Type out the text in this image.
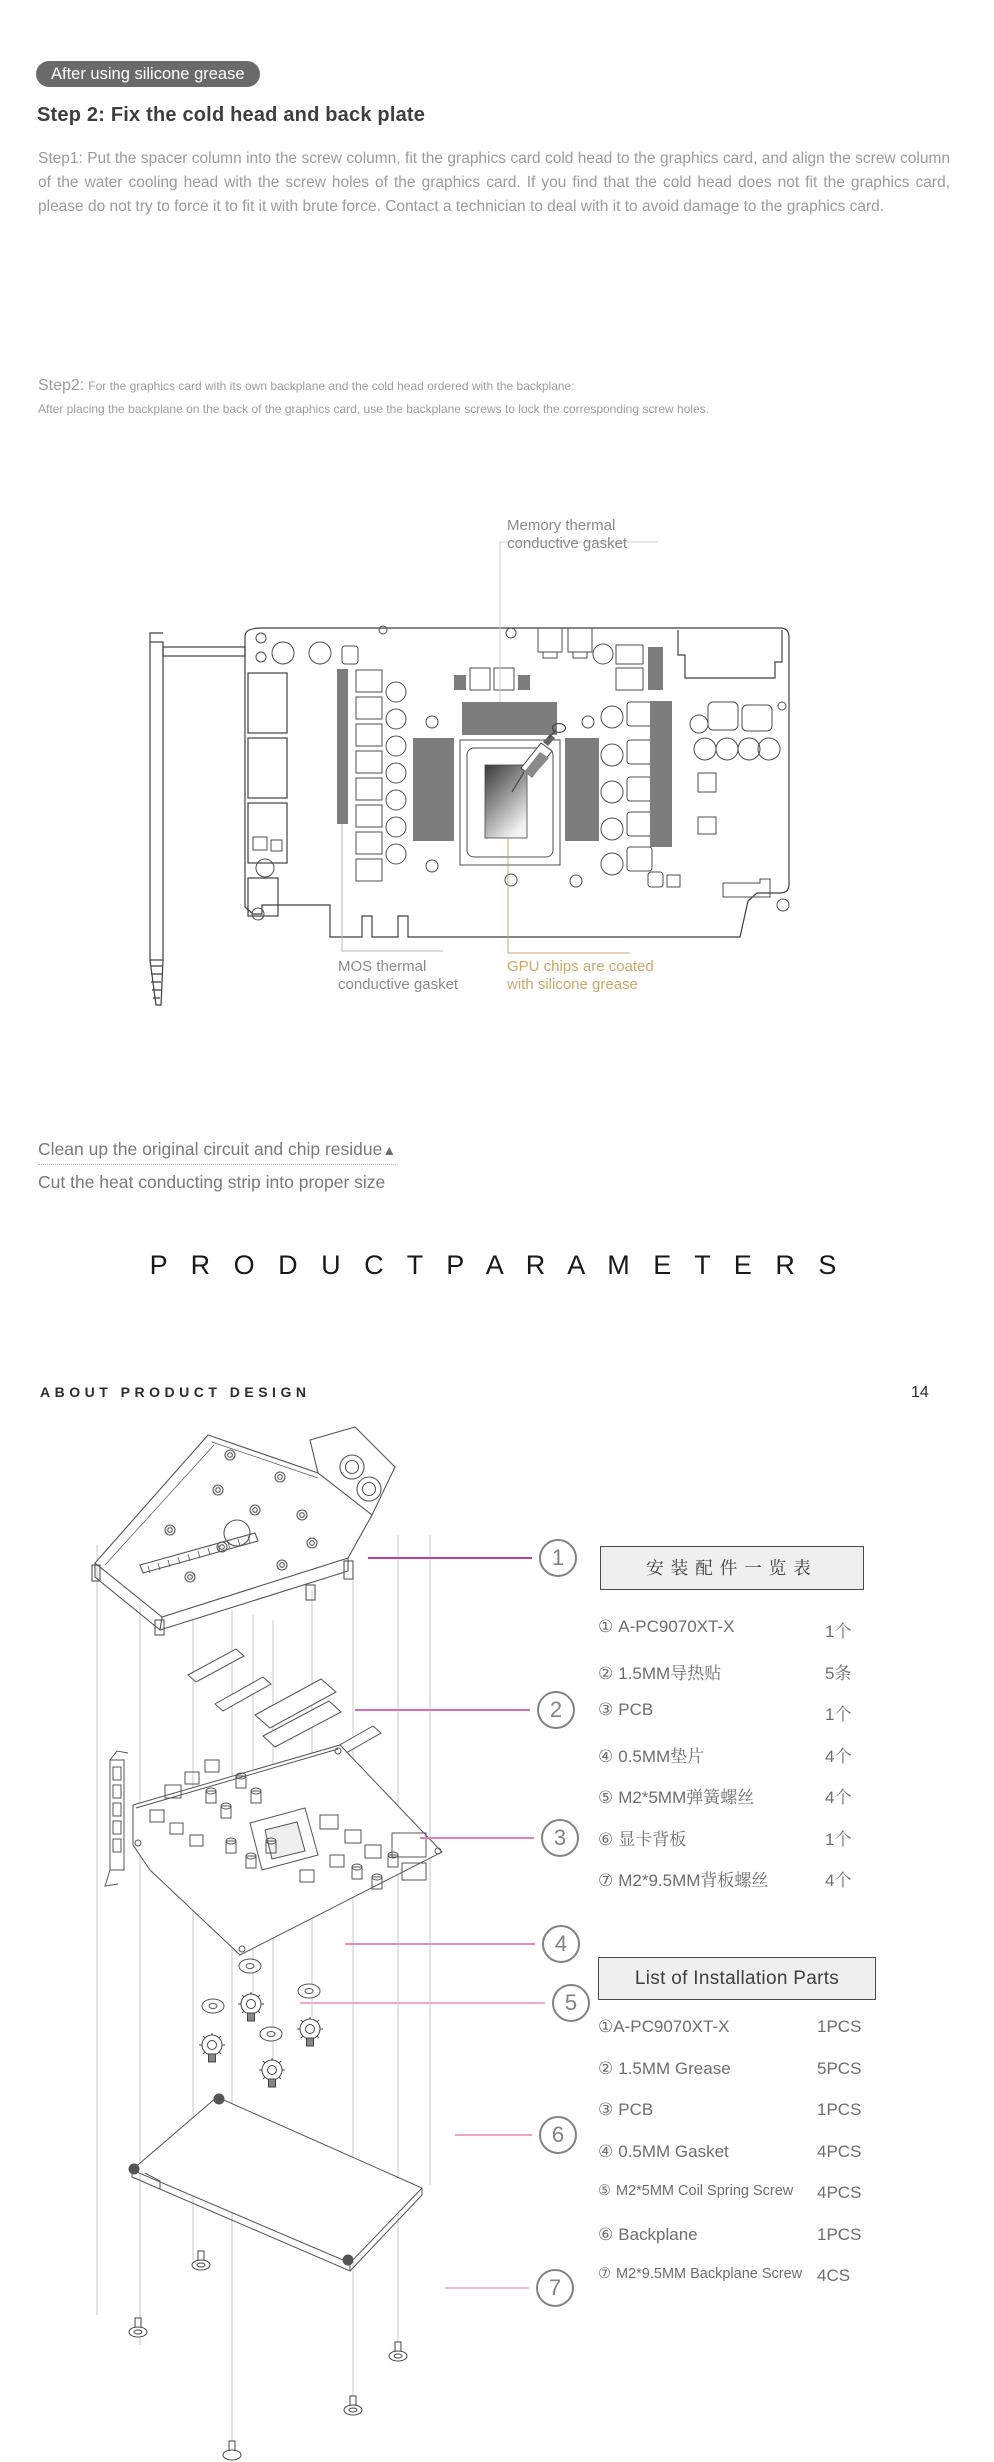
After using silicone grease
Step 2: Fix the cold head and back plate
Step1: Put the spacer column into the screw column, fit the graphics card cold head to the graphics card, and align the screw column of the water cooling head with the screw holes of the graphics card. If you find that the cold head does not fit the graphics card, please do not try to force it to fit it with brute force. Contact a technician to deal with it to avoid damage to the graphics card.
Step2: For the graphics card with its own backplane and the cold head ordered with the backplane:
After placing the backplane on the back of the graphics card, use the backplane screws to lock the corresponding screw holes.
Memory thermal
conductive gasket
MOS thermal
conductive gasket
GPU chips are coated
with silicone grease
Clean up the original circuit and chip residue▲
Cut the heat conducting strip into proper size
P R O D U C T P A R A M E T E R S
ABOUT PRODUCT DESIGN	14
1
2
3
4
5
6
7
安装配件一览表
① A-PC9070XT-X	1个
② 1.5MM导热贴	5条
③ PCB	1个
④ 0.5MM垫片	4个
⑤ M2*5MM弹簧螺丝	4个
⑥ 显卡背板	1个
⑦ M2*9.5MM背板螺丝	4个
List of Installation Parts
①A-PC9070XT-X	1PCS
② 1.5MM Grease	5PCS
③ PCB	1PCS
④ 0.5MM Gasket	4PCS
⑤ M2*5MM Coil Spring Screw 4PCS
⑥ Backplane	1PCS
⑦ M2*9.5MM Backplane Screw 4CS
